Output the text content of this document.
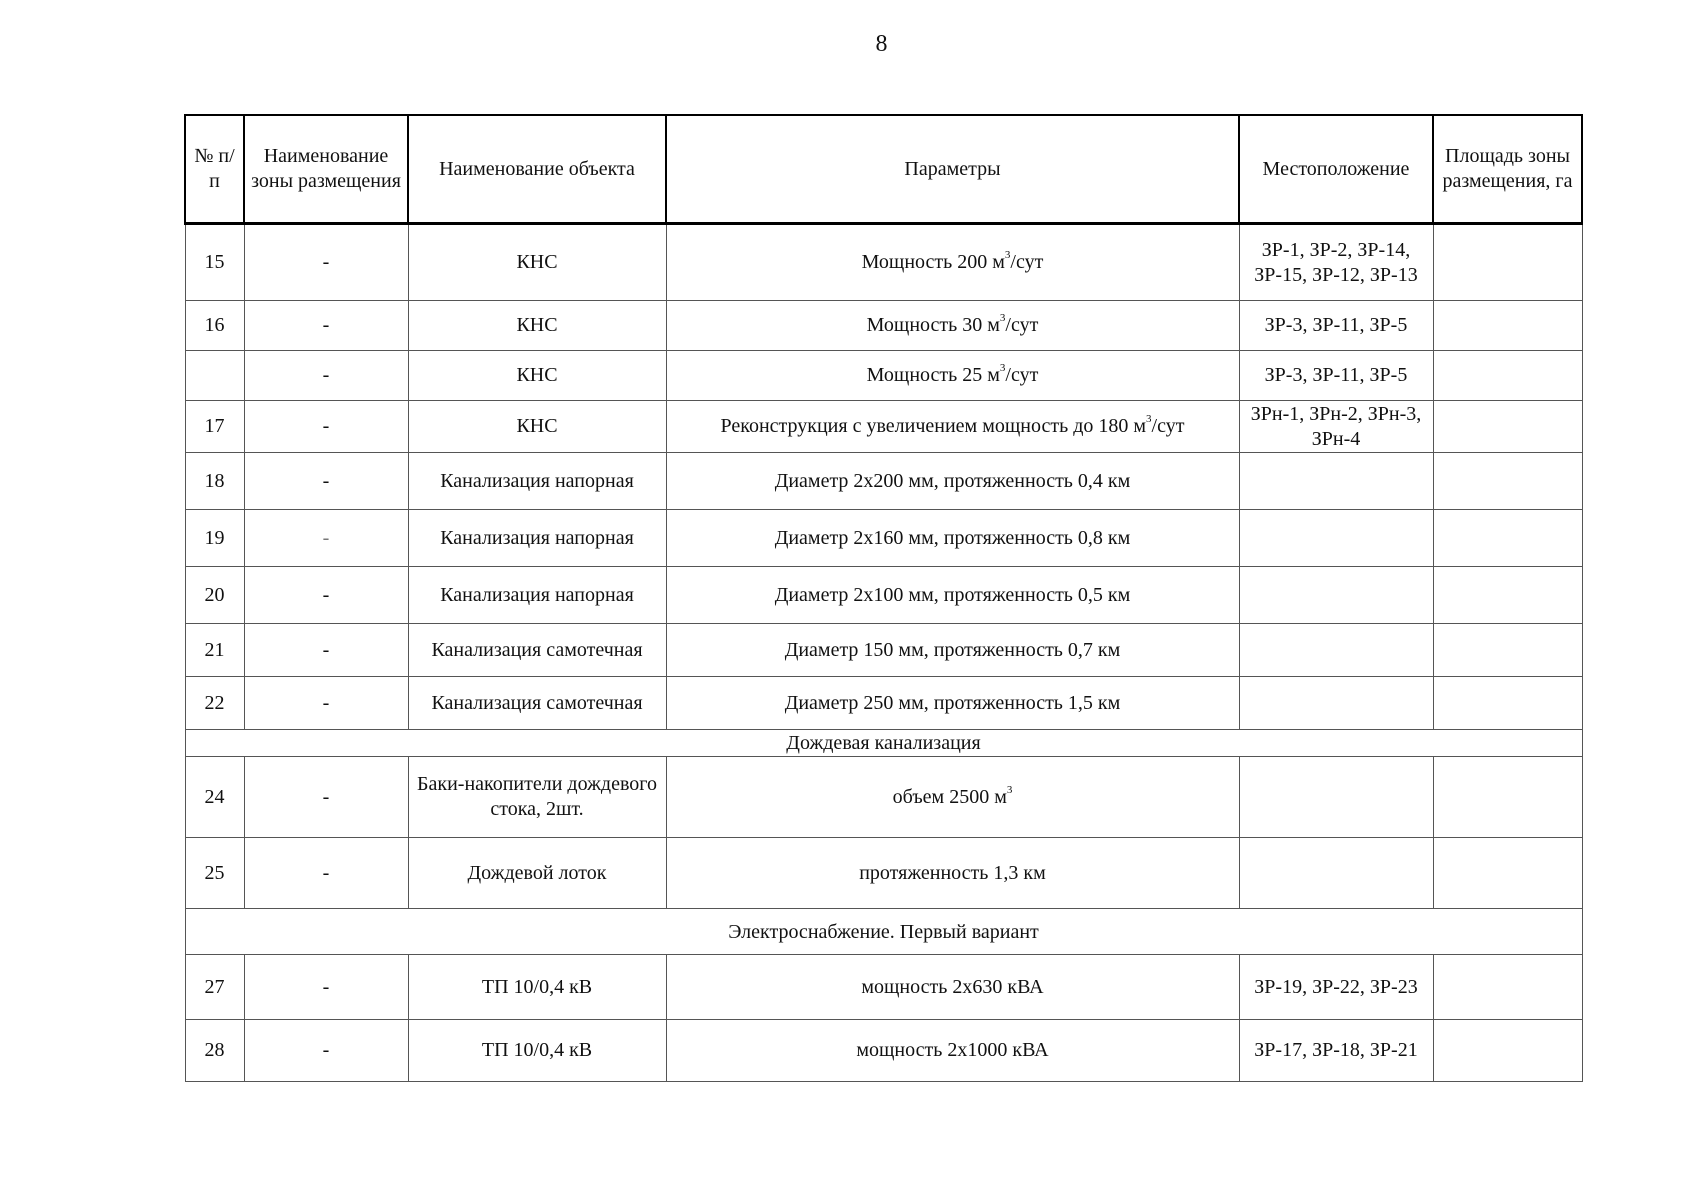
8
№ п/п	Наименование зоны размещения	Наименование объекта	Параметры	Местоположение	Площадь зоны размещения, га
15	-	КНС	Мощность 200 $м^3$/сут	ЗР-1, ЗР-2, ЗР-14, ЗР-15, ЗР-12, ЗР-13	
16	-	КНС	Мощность 30 $м^3$/сут	ЗР-3, ЗР-11, ЗР-5	
	-	КНС	Мощность 25 $м^3$/сут	ЗР-3, ЗР-11, ЗР-5	
17	-	КНС	Реконструкция с увеличением мощность до 180 $м^3$/сут	ЗРн-1, ЗРн-2, ЗРн-3, ЗРн-4	
18	-	Канализация напорная	Диаметр 2х200 мм, протяженность 0,4 км		
19	-	Канализация напорная	Диаметр 2х160 мм, протяженность 0,8 км		
20	-	Канализация напорная	Диаметр 2х100 мм, протяженность 0,5 км		
21	-	Канализация самотечная	Диаметр 150 мм, протяженность 0,7 км		
22	-	Канализация самотечная	Диаметр 250 мм, протяженность 1,5 км		
Дождевая канализация					
24	-	Баки-накопители дождевого стока, 2шт.	объем 2500 $м^3$		
25	-	Дождевой лоток	протяженность 1,3 км		
Электроснабжение. Первый вариант					
27	-	ТП 10/0,4 кВ	мощность 2х630 кВА	ЗР-19, ЗР-22, ЗР-23	
28	-	ТП 10/0,4 кВ	мощность 2х1000 кВА	ЗР-17, ЗР-18, ЗР-21	
